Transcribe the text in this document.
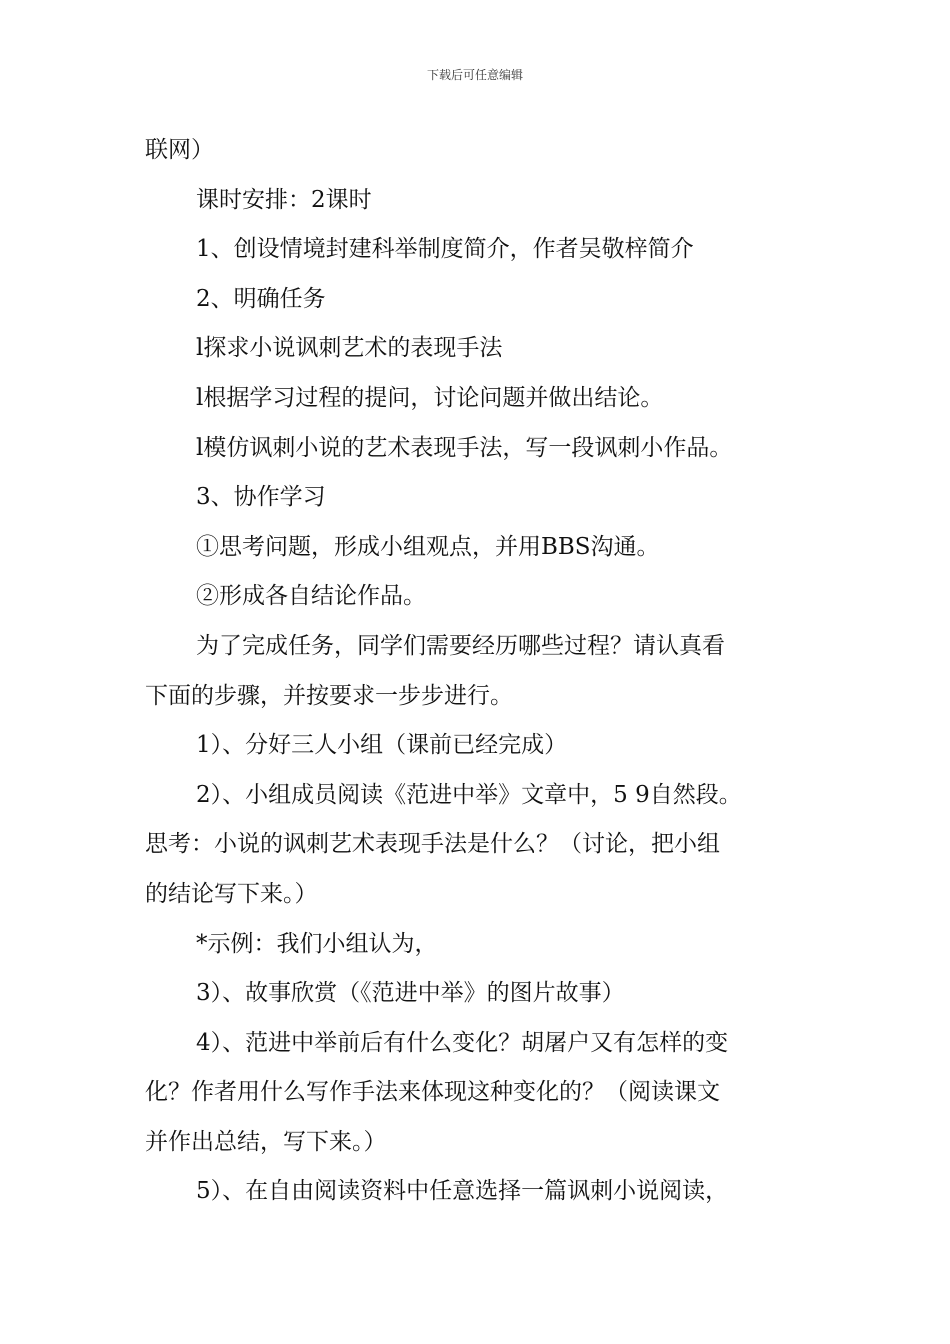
下载后可任意编辑

联网）

课时安排：2课时

1、创设情境封建科举制度简介，作者吴敬梓简介

2、明确任务

l探求小说讽刺艺术的表现手法

l根据学习过程的提问，讨论问题并做出结论。

l模仿讽刺小说的艺术表现手法，写一段讽刺小作品。

3、协作学习

①思考问题，形成小组观点，并用BBS沟通。

②形成各自结论作品。

为了完成任务，同学们需要经历哪些过程？请认真看

下面的步骤，并按要求一步步进行。

1）、分好三人小组（课前已经完成）

2）、小组成员阅读《范进中举》文章中，5 9自然段。

思考：小说的讽刺艺术表现手法是什么？（讨论，把小组

的结论写下来。）

*示例：我们小组认为，

3）、故事欣赏（《范进中举》的图片故事）

4）、范进中举前后有什么变化？胡屠户又有怎样的变

化？作者用什么写作手法来体现这种变化的？（阅读课文

并作出总结，写下来。）

5）、在自由阅读资料中任意选择一篇讽刺小说阅读，
